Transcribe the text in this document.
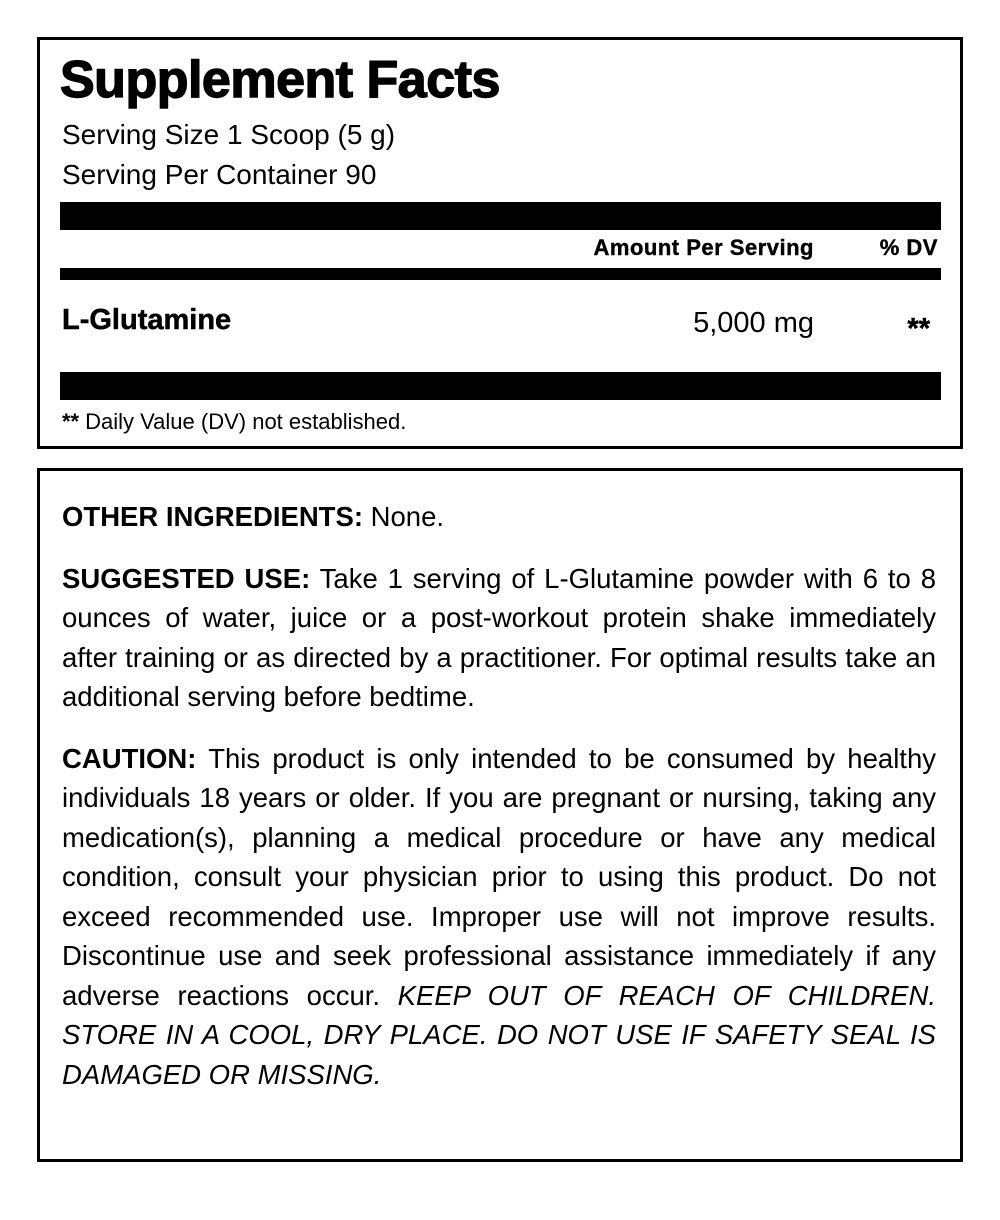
Supplement Facts
Serving Size 1 Scoop (5 g)
Serving Per Container 90
Amount Per Serving	% DV
L-Glutamine	5,000 mg	**
** Daily Value (DV) not established.

OTHER INGREDIENTS: None.

SUGGESTED USE: Take 1 serving of L-Glutamine powder with 6 to 8 ounces of water, juice or a post-workout protein shake immediately after training or as directed by a practitioner. For optimal results take an additional serving before bedtime.

CAUTION: This product is only intended to be consumed by healthy individuals 18 years or older. If you are pregnant or nursing, taking any medication(s), planning a medical procedure or have any medical condition, consult your physician prior to using this product. Do not exceed recommended use. Improper use will not improve results. Discontinue use and seek professional assistance immediately if any adverse reactions occur. KEEP OUT OF REACH OF CHILDREN. STORE IN A COOL, DRY PLACE. DO NOT USE IF SAFETY SEAL IS DAMAGED OR MISSING.
